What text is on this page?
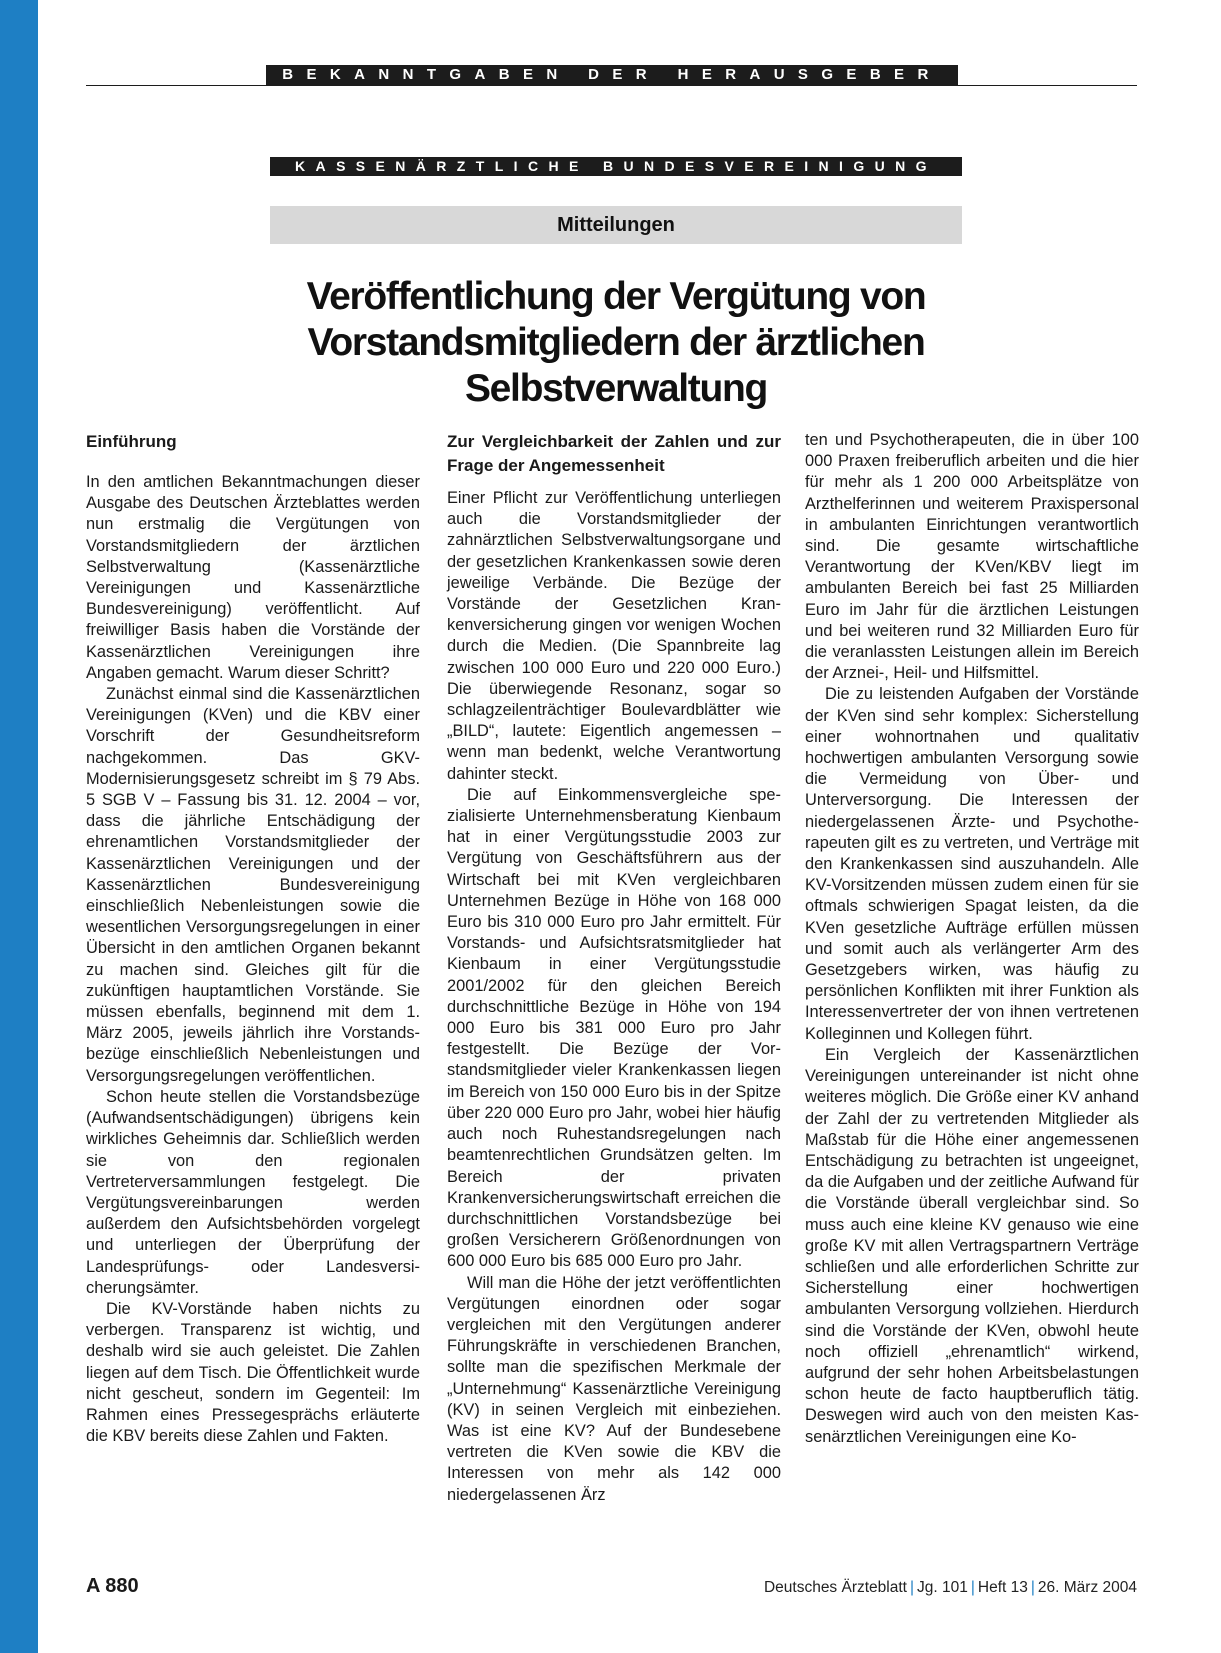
BEKANNTGABEN DER HERAUSGEBER
KASSENÄRZTLICHE BUNDESVEREINIGUNG
Mitteilungen
Veröffentlichung der Vergütung von Vorstandsmitgliedern der ärztlichen Selbstverwaltung
Einführung

In den amtlichen Bekanntmachungen dieser Ausgabe des Deutschen Ärzteblattes werden nun erstmalig die Vergütungen von Vorstandsmitgliedern der ärztlichen Selbstverwaltung (Kassenärztliche Vereinigungen und Kassenärztliche Bundesvereinigung) veröffentlicht. Auf freiwilliger Basis haben die Vorstände der Kassenärztlichen Vereinigungen ihre Angaben gemacht. Warum dieser Schritt?

Zunächst einmal sind die Kassenärztlichen Vereinigungen (KVen) und die KBV einer Vorschrift der Gesundheitsreform nachgekommen. Das GKV-Modernisierungsgesetz schreibt im § 79 Abs. 5 SGB V – Fassung bis 31. 12. 2004 – vor, dass die jährliche Entschädigung der ehrenamtlichen Vorstandsmitglieder der Kassenärztlichen Vereinigungen und der Kassenärztlichen Bundesvereinigung einschließlich Nebenleistungen sowie die wesentlichen Versorgungsregelungen in einer Übersicht in den amtlichen Organen bekannt zu machen sind. Gleiches gilt für die zukünftigen hauptamtlichen Vorstände. Sie müssen ebenfalls, beginnend mit dem 1. März 2005, jeweils jährlich ihre Vorstandsbezüge einschließlich Nebenleistungen und Versorgungsregelungen veröffentlichen.

Schon heute stellen die Vorstandsbezüge (Aufwandsentschädigungen) übrigens kein wirkliches Geheimnis dar. Schließlich werden sie von den regionalen Vertreterversammlungen festgelegt. Die Vergütungsvereinbarungen werden außerdem den Aufsichtsbehörden vorgelegt und unterliegen der Überprüfung der Landesprüfungs- oder Landesversicherungsämter.

Die KV-Vorstände haben nichts zu verbergen. Transparenz ist wichtig, und deshalb wird sie auch geleistet. Die Zahlen liegen auf dem Tisch. Die Öffentlichkeit wurde nicht gescheut, sondern im Gegenteil: Im Rahmen eines Pressegesprächs erläuterte die KBV bereits diese Zahlen und Fakten.

Zur Vergleichbarkeit der Zahlen und zur Frage der Angemessenheit

Einer Pflicht zur Veröffentlichung unterliegen auch die Vorstandsmitglieder der zahnärztlichen Selbstverwaltungsorgane und der gesetzlichen Krankenkassen sowie deren jeweilige Verbände. Die Bezüge der Vorstände der Gesetzlichen Krankenversicherung gingen vor wenigen Wochen durch die Medien. (Die Spannbreite lag zwischen 100 000 Euro und 220 000 Euro.) Die überwiegende Resonanz, sogar so schlagzeilenträchtiger Boulevardblätter wie „BILD“, lautete: Eigentlich angemessen – wenn man bedenkt, welche Verantwortung dahinter steckt.

Die auf Einkommensvergleiche spezialisierte Unternehmensberatung Kienbaum hat in einer Vergütungsstudie 2003 zur Vergütung von Geschäftsführern aus der Wirtschaft bei mit KVen vergleichbaren Unternehmen Bezüge in Höhe von 168 000 Euro bis 310 000 Euro pro Jahr ermittelt. Für Vorstands- und Aufsichtsratsmitglieder hat Kienbaum in einer Vergütungsstudie 2001/2002 für den gleichen Bereich durchschnittliche Bezüge in Höhe von 194 000 Euro bis 381 000 Euro pro Jahr festgestellt. Die Bezüge der Vorstandsmitglieder vieler Krankenkassen liegen im Bereich von 150 000 Euro bis in der Spitze über 220 000 Euro pro Jahr, wobei hier häufig auch noch Ruhestandsregelungen nach beamtenrechtlichen Grundsätzen gelten. Im Bereich der privaten Krankenversicherungswirtschaft erreichen die durchschnittlichen Vorstandsbezüge bei großen Versicherern Größenordnungen von 600 000 Euro bis 685 000 Euro pro Jahr.

Will man die Höhe der jetzt veröffentlichten Vergütungen einordnen oder sogar vergleichen mit den Vergütungen anderer Führungskräfte in verschiedenen Branchen, sollte man die spezifischen Merkmale der „Unternehmung“ Kassenärztliche Vereinigung (KV) in seinen Vergleich mit einbeziehen. Was ist eine KV? Auf der Bundesebene vertreten die KVen sowie die KBV die Interessen von mehr als 142 000 niedergelassenen Ärz

ten und Psychotherapeuten, die in über 100 000 Praxen freiberuflich arbeiten und die hier für mehr als 1 200 000 Arbeitsplätze von Arzthelferinnen und weiterem Praxispersonal in ambulanten Einrichtungen verantwortlich sind. Die gesamte wirtschaftliche Verantwortung der KVen/KBV liegt im ambulanten Bereich bei fast 25 Milliarden Euro im Jahr für die ärztlichen Leistungen und bei weiteren rund 32 Milliarden Euro für die veranlassten Leistungen allein im Bereich der Arznei-, Heil- und Hilfsmittel.

Die zu leistenden Aufgaben der Vorstände der KVen sind sehr komplex: Sicherstellung einer wohnortnahen und qualitativ hochwertigen ambulanten Versorgung sowie die Vermeidung von Über- und Unterversorgung. Die Interessen der niedergelassenen Ärzte- und Psychotherapeuten gilt es zu vertreten, und Verträge mit den Krankenkassen sind auszuhandeln. Alle KV-Vorsitzenden müssen zudem einen für sie oftmals schwierigen Spagat leisten, da die KVen gesetzliche Aufträge erfüllen müssen und somit auch als verlängerter Arm des Gesetzgebers wirken, was häufig zu persönlichen Konflikten mit ihrer Funktion als Interessenvertreter der von ihnen vertretenen Kolleginnen und Kollegen führt.

Ein Vergleich der Kassenärztlichen Vereinigungen untereinander ist nicht ohne weiteres möglich. Die Größe einer KV anhand der Zahl der zu vertretenden Mitglieder als Maßstab für die Höhe einer angemessenen Entschädigung zu betrachten ist ungeeignet, da die Aufgaben und der zeitliche Aufwand für die Vorstände überall vergleichbar sind. So muss auch eine kleine KV genauso wie eine große KV mit allen Vertragspartnern Verträge schließen und alle erforderlichen Schritte zur Sicherstellung einer hochwertigen ambulanten Versorgung vollziehen. Hierdurch sind die Vorstände der KVen, obwohl heute noch offiziell „ehrenamtlich“ wirkend, aufgrund der sehr hohen Arbeitsbelastungen schon heute de facto hauptberuflich tätig. Deswegen wird auch von den meisten Kassenärztlichen Vereinigungen eine Ko-

A 880	Deutsches Ärzteblatt | Jg. 101 | Heft 13 | 26. März 2004
